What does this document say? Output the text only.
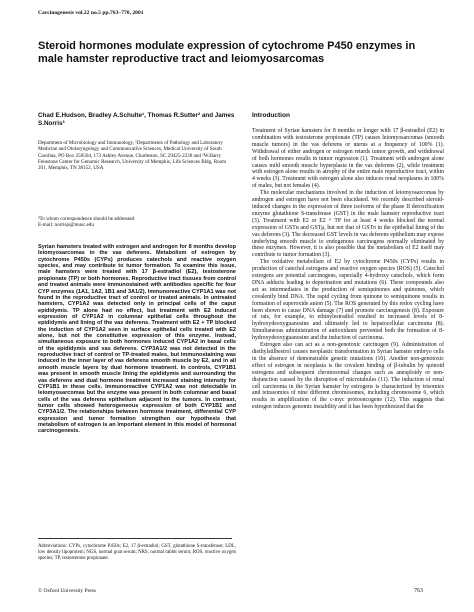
Carcinogenesis vol.22 no.5 pp.763–770, 2001
Steroid hormones modulate expression of cytochrome P450 enzymes in male hamster reproductive tract and leiomyosarcomas

Chad E.Hudson, Bradley A.Schulte¹, Thomas R.Sutter² and James S.Norris³

Department of Microbiology and Immunology, ¹Departments of Pathology and Laboratory Medicine and Otolaryngology and Communicative Sciences, Medical University of South Carolina, PO Box 250504, 173 Ashley Avenue, Charleston, SC 29425-2230 and ²W.Harry Feinstone Center for Genomic Research, University of Memphis, Life Sciences Bldg, Room 201, Memphis, TN 38152, USA

³To whom correspondence should be addressed
E-mail: norrisjs@musc.edu

Syrian hamsters treated with estrogen and androgen for 8 months develop leiomyosarcomas in the vas deferens. Metabolism of estrogen by cytochrome P450s (CYPs) produces catechols and reactive oxygen species, and may contribute to tumor formation. To examine this issue, male hamsters were treated with 17 β-estradiol (E2), testosterone propionate (TP) or both hormones. Reproductive tract tissues from control and treated animals were immunostained with antibodies specific for four CYP enzymes (1A1, 1A2, 1B1 and 3A1/2). Immunoreactive CYP1A1 was not found in the reproductive tract of control or treated animals. In untreated hamsters, CYP1A2 was detected only in principal cells of the caput epididymis. TP alone had no effect, but treatment with E2 induced expression of CYP1A2 in columnar epithelial cells throughout the epididymis and lining of the vas deferens. Treatment with E2 + TP blocked the induction of CYP1A2 seen in surface epithelial cells treated with E2 alone, but not the constitutive expression of this enzyme. Instead, simultaneous exposure to both hormones induced CYP1A2 in basal cells of the epididymis and vas deferens. CYP3A1/2 was not detected in the reproductive tract of control or TP-treated males, but immunostaining was induced in the inner layer of vas deferens smooth muscle by E2, and in all smooth muscle layers by dual hormone treatment. In controls, CYP1B1 was present in smooth muscle lining the epididymis and surrounding the vas deferens and dual hormone treatment increased staining intensity for CYP1B1 in these cells. Immunoreactive CYP1A2 was not detectable in leiomyosarcomas but the enzyme was present in both columnar and basal cells of the vas deferens epithelium adjacent to the tumors. In contrast, tumor cells showed heterogeneous expression of both CYP1B1 and CYP3A1/2. The relationships between hormone treatment, differential CYP expression and tumor formation strengthen our hypothesis that metabolism of estrogen is an important element in this model of hormonal carcinogenesis.

Abbreviations: CYPs, cytochrome P450s; E2, 17 β-estradiol; GST, glutathione S-transferase; LDL, low density lipoprotein; NGS, normal goat serum; NRS, normal rabbit serum; ROS, reactive oxygen species; TP, testosterone propionate.

© Oxford University Press	763
Introduction

Treatment of Syrian hamsters for 8 months or longer with 17 β-estradiol (E2) in combination with testosterone propionate (TP) causes leiomyosarcomas (smooth muscle tumors) in the vas deferens or uterus at a frequency of 100% (1). Withdrawal of either androgen or estrogen retards tumor growth, and withdrawal of both hormones results in tumor regression (1). Treatment with androgen alone causes mild smooth muscle hyperplasia in the vas deferens (2), while treatment with estrogen alone results in atrophy of the entire male reproductive tract, within 4 weeks (3). Treatment with estrogen alone also induces renal neoplasms in 100% of males, but not females (4).

The molecular mechanisms involved in the induction of leiomyosarcomas by androgen and estrogen have not been elucidated. We recently described steroid-induced changes in the expression of three isoforms of the phase II detoxification enzyme glutathione S-transferase (GST) in the male hamster reproductive tract (3). Treatment with E2 or E2 + TP for at least 4 weeks blocked the normal expression of GSTα and GSTμ, but not that of GSTπ in the epithelial lining of the vas deferens (3). The decreased GST levels in vas deferens epithelium may expose underlying smooth muscle to endogenous carcinogens normally eliminated by these enzymes. However, it is also possible that the metabolism of E2 itself may contribute to tumor formation (3).

The oxidative metabolism of E2 by cytochrome P450s (CYPs) results in production of catechol estrogens and reactive oxygen species (ROS) (5). Catechol estrogens are potential carcinogens, especially 4-hydroxy catechols, which form DNA adducts leading to depurination and mutations (6). These compounds also act as intermediates in the production of semiquinones and quinones, which covalently bind DNA. The rapid cycling from quinone to semiquinone results in formation of superoxide anion (5). The ROS generated by this redox cycling have been shown to cause DNA damage (7) and promote carcinogenesis (8). Exposure of rats, for example, to ethinylestradiol resulted in increased levels of 8-hydroxydeoxyguanosine and ultimately led to hepatocellular carcinoma (8). Simultaneous administration of antioxidants prevented both the formation of 8-hydroxydeoxyguanosine and the induction of carcinoma.

Estrogen also can act as a non-genotoxic carcinogen (9). Administration of diethylstilbestrol causes neoplastic transformation in Syrian hamster embryo cells in the absence of demonstrable genetic mutations (10). Another non-genotoxic effect of estrogen in neoplasia is the covalent binding of β-tubulin by quinoid estrogens and subsequent chromosomal changes such as aneuploidy or non-disjunction caused by the disruption of microtubules (11). The induction of renal cell carcinoma in the Syrian hamster by estrogens is characterized by trisomies and tetrasomies of nine different chromosomes, including chromosome 6, which results in amplification of the c-myc protooncogene (12). This suggests that estrogen induces genomic instability and it has been hypothesized that the
